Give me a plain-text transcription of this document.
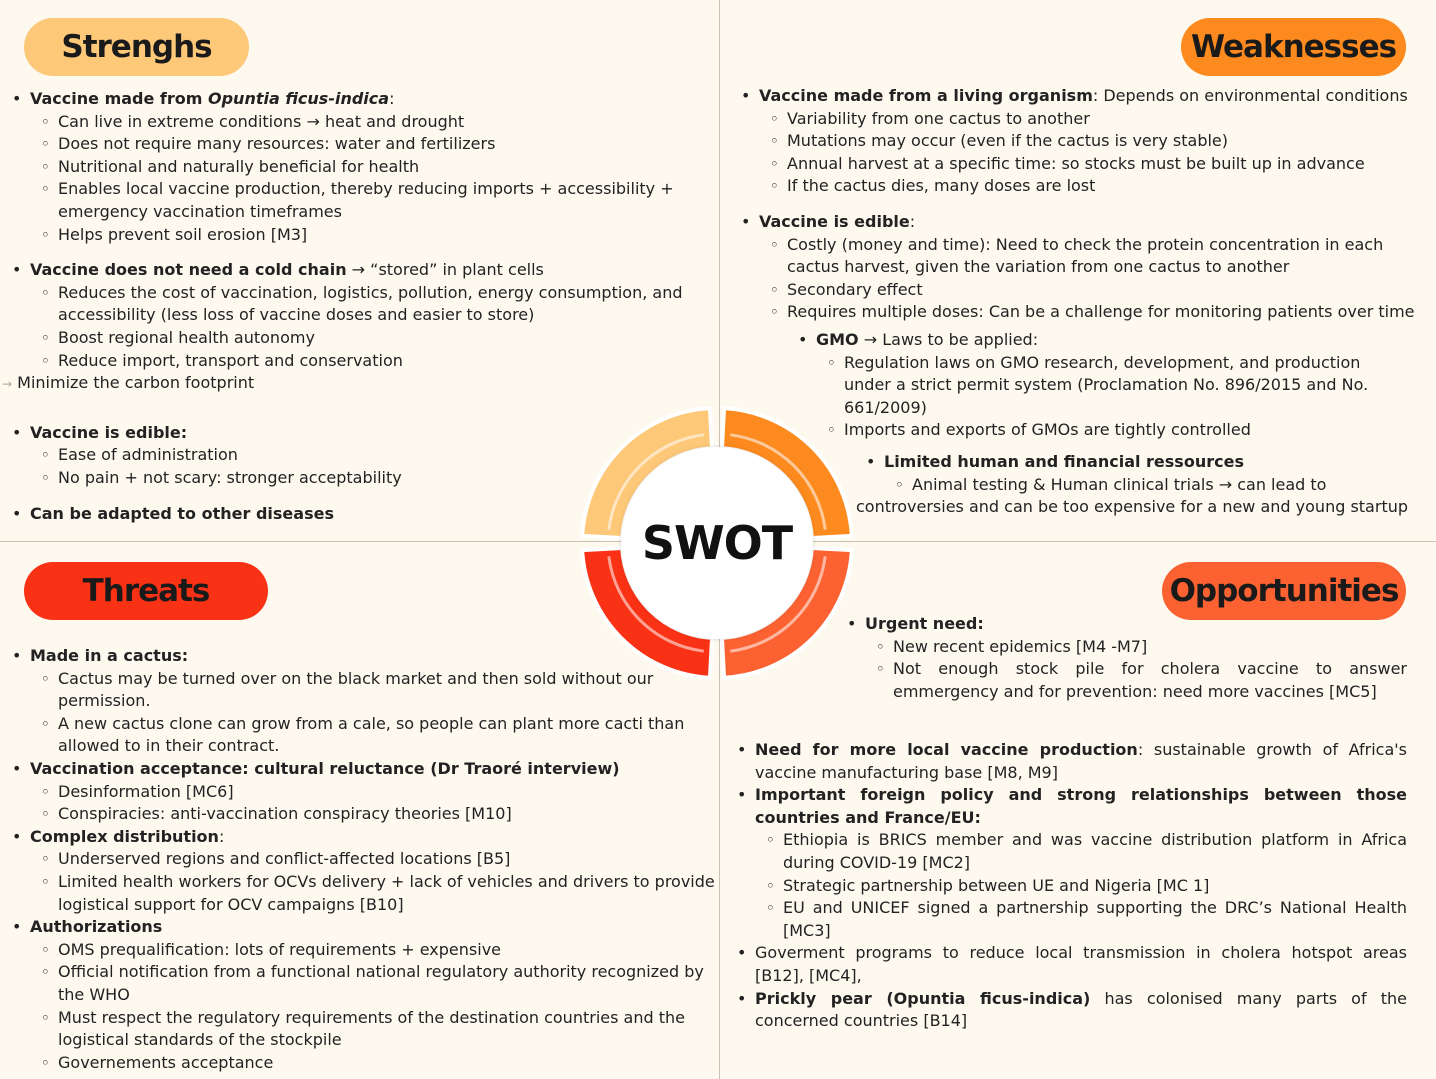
Strenghs	Weaknesses
Threats	Opportunities
• Vaccine made from Opuntia ficus-indica:
◦ Can live in extreme conditions → heat and drought
◦ Does not require many resources: water and fertilizers
◦ Nutritional and naturally beneficial for health
◦ Enables local vaccine production, thereby reducing imports + accessibility + emergency vaccination timeframes
◦ Helps prevent soil erosion [M3]
• Vaccine does not need a cold chain → “stored” in plant cells
◦ Reduces the cost of vaccination, logistics, pollution, energy consumption, and accessibility (less loss of vaccine doses and easier to store)
◦ Boost regional health autonomy
◦ Reduce import, transport and conservation
→ Minimize the carbon footprint
• Vaccine is edible:
◦ Ease of administration
◦ No pain + not scary: stronger acceptability
• Can be adapted to other diseases
• Vaccine made from a living organism: Depends on environmental conditions
◦ Variability from one cactus to another
◦ Mutations may occur (even if the cactus is very stable)
◦ Annual harvest at a specific time: so stocks must be built up in advance
◦ If the cactus dies, many doses are lost
• Vaccine is edible:
◦ Costly (money and time): Need to check the protein concentration in each cactus harvest, given the variation from one cactus to another
◦ Secondary effect
◦ Requires multiple doses: Can be a challenge for monitoring patients over time
• GMO → Laws to be applied:
◦ Regulation laws on GMO research, development, and production under a strict permit system (Proclamation No. 896/2015 and No. 661/2009)
◦ Imports and exports of GMOs are tightly controlled
• Limited human and financial ressources
◦ Animal testing & Human clinical trials → can lead to
controversies and can be too expensive for a new and young startup
• Made in a cactus:
◦ Cactus may be turned over on the black market and then sold without our permission.
◦ A new cactus clone can grow from a cale, so people can plant more cacti than allowed to in their contract.
• Vaccination acceptance: cultural reluctance (Dr Traoré interview)
◦ Desinformation [MC6]
◦ Conspiracies: anti-vaccination conspiracy theories [M10]
• Complex distribution:
◦ Underserved regions and conflict-affected locations [B5]
◦ Limited health workers for OCVs delivery + lack of vehicles and drivers to provide logistical support for OCV campaigns [B10]
• Authorizations
◦ OMS prequalification: lots of requirements + expensive
◦ Official notification from a functional national regulatory authority recognized by the WHO
◦ Must respect the regulatory requirements of the destination countries and the logistical standards of the stockpile
◦ Governements acceptance
• Urgent need:
◦ New recent epidemics [M4 -M7]
◦ Not enough stock pile for cholera vaccine to answer emmergency and for prevention: need more vaccines [MC5]
• Need for more local vaccine production: sustainable growth of Africa's vaccine manufacturing base [M8, M9]
• Important foreign policy and strong relationships between those countries and France/EU:
◦ Ethiopia is BRICS member and was vaccine distribution platform in Africa during COVID-19 [MC2]
◦ Strategic partnership between UE and Nigeria [MC 1]
◦ EU and UNICEF signed a partnership supporting the DRC’s National Health [MC3]
• Goverment programs to reduce local transmission in cholera hotspot areas [B12], [MC4],
• Prickly pear (Opuntia ficus-indica) has colonised many parts of the concerned countries [B14]
SWOT
